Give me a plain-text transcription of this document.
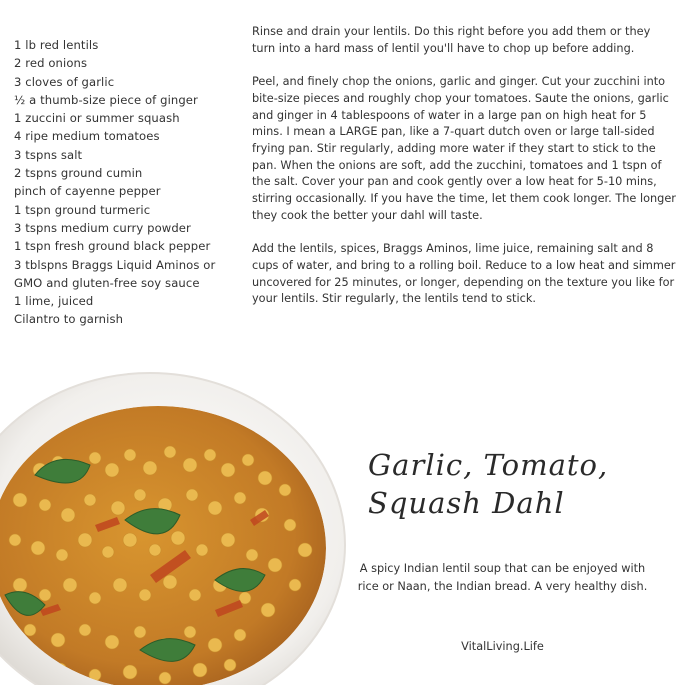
1 lb red lentils
2 red onions
3 cloves of garlic
½ a thumb-size piece of ginger
1 zuccini or summer squash
4 ripe medium tomatoes
3 tspns salt
2 tspns ground cumin
pinch of cayenne pepper
1 tspn ground turmeric
3 tspns medium curry powder
1 tspn fresh ground black pepper
3 tblspns Braggs Liquid Aminos or
GMO and gluten-free soy sauce
1 lime, juiced
Cilantro to garnish

Rinse and drain your lentils. Do this right before you add them or they turn into a hard mass of lentil you'll have to chop up before adding.

Peel, and finely chop the onions, garlic and ginger. Cut your zucchini into bite-size pieces and roughly chop your tomatoes. Saute the onions, garlic and ginger in 4 tablespoons of water in a large pan on high heat for 5 mins. I mean a LARGE pan, like a 7-quart dutch oven or large tall-sided frying pan. Stir regularly, adding more water if they start to stick to the pan. When the onions are soft, add the zucchini, tomatoes and 1 tspn of the salt. Cover your pan and cook gently over a low heat for 5-10 mins, stirring occasionally. If you have the time, let them cook longer. The longer they cook the better your dahl will taste.

Add the lentils, spices, Braggs Aminos, lime juice, remaining salt and 8 cups of water, and bring to a rolling boil. Reduce to a low heat and simmer uncovered for 25 minutes, or longer, depending on the texture you like for your lentils. Stir regularly, the lentils tend to stick.

Garlic, Tomato,
Squash Dahl

A spicy Indian lentil soup that can be enjoyed with rice or Naan, the Indian bread. A very healthy dish.

VitalLiving.Life
